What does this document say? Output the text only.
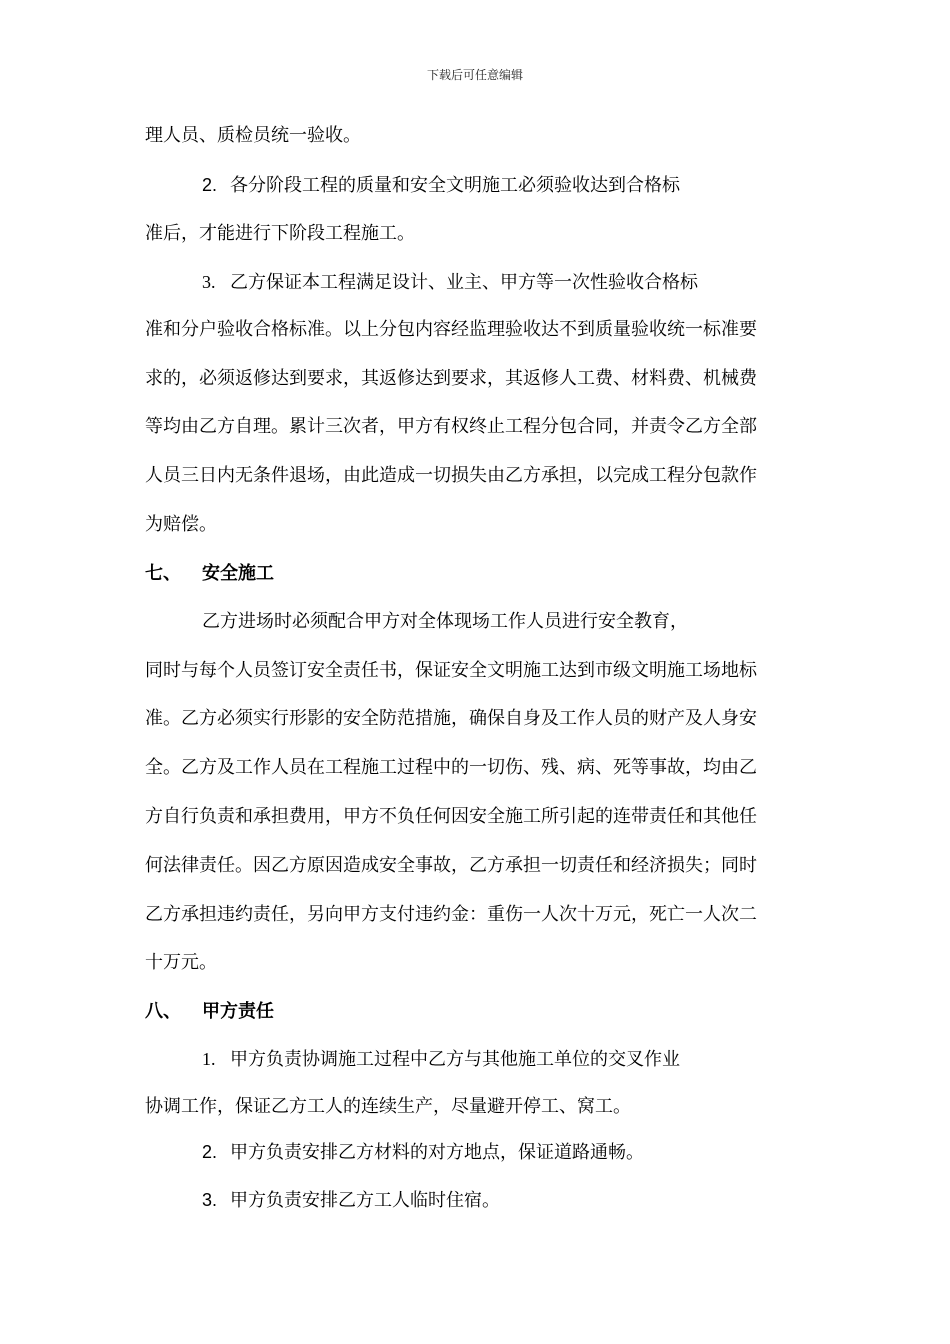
下载后可任意编辑
理人员、质检员统一验收。
2. 各分阶段工程的质量和安全文明施工必须验收达到合格标
准后，才能进行下阶段工程施工。
3. 乙方保证本工程满足设计、业主、甲方等一次性验收合格标
准和分户验收合格标准。以上分包内容经监理验收达不到质量验收统一标准要
求的，必须返修达到要求，其返修达到要求，其返修人工费、材料费、机械费
等均由乙方自理。累计三次者，甲方有权终止工程分包合同，并责令乙方全部
人员三日内无条件退场，由此造成一切损失由乙方承担，以完成工程分包款作
为赔偿。
七、 安全施工
乙方进场时必须配合甲方对全体现场工作人员进行安全教育，
同时与每个人员签订安全责任书，保证安全文明施工达到市级文明施工场地标
准。乙方必须实行形影的安全防范措施，确保自身及工作人员的财产及人身安
全。乙方及工作人员在工程施工过程中的一切伤、残、病、死等事故，均由乙
方自行负责和承担费用，甲方不负任何因安全施工所引起的连带责任和其他任
何法律责任。因乙方原因造成安全事故，乙方承担一切责任和经济损失；同时
乙方承担违约责任，另向甲方支付违约金：重伤一人次十万元，死亡一人次二
十万元。
八、 甲方责任
1. 甲方负责协调施工过程中乙方与其他施工单位的交叉作业
协调工作，保证乙方工人的连续生产，尽量避开停工、窝工。
2. 甲方负责安排乙方材料的对方地点，保证道路通畅。
3. 甲方负责安排乙方工人临时住宿。
